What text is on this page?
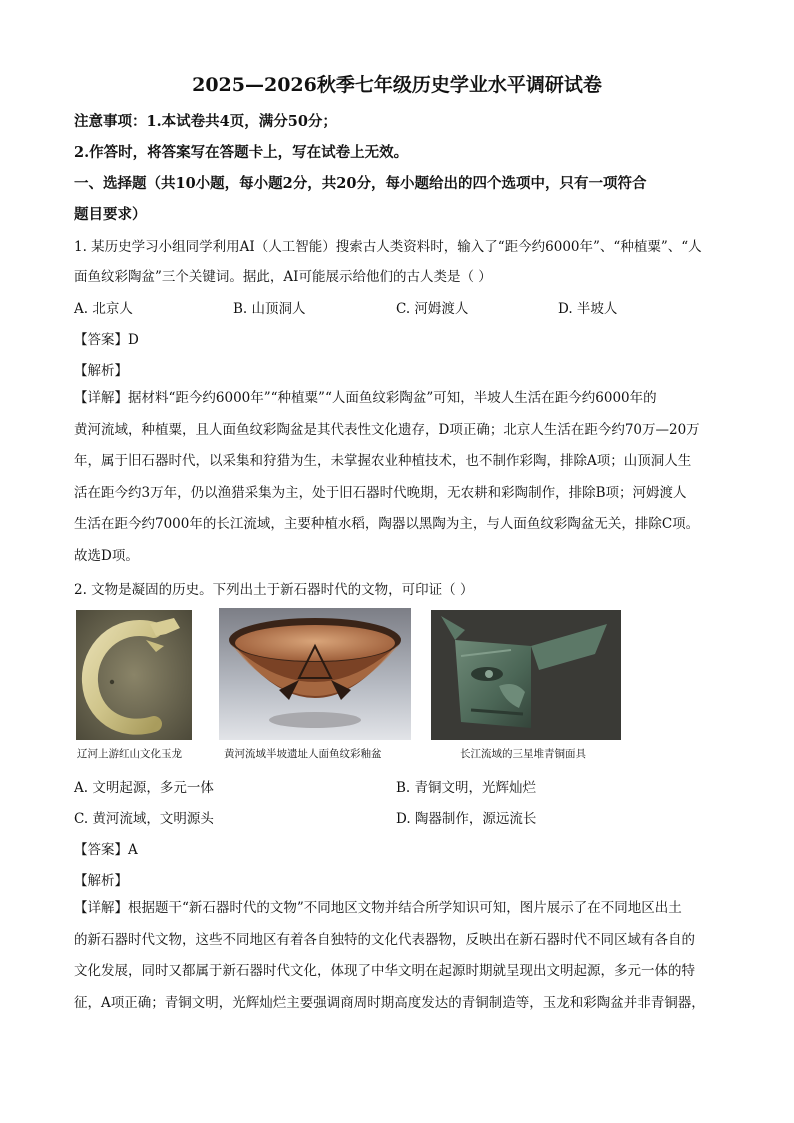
2025—2026秋季七年级历史学业水平调研试卷
注意事项：1.本试卷共4页，满分50分；
2.作答时，将答案写在答题卡上，写在试卷上无效。
一、选择题（共10小题，每小题2分，共20分，每小题给出的四个选项中，只有一项符合
题目要求）
1. 某历史学习小组同学利用AI（人工智能）搜索古人类资料时，输入了“距今约6000年”、“种植粟”、“人
面鱼纹彩陶盆”三个关键词。据此，AI可能展示给他们的古人类是（ ）
A. 北京人	B. 山顶洞人	C. 河姆渡人	D. 半坡人
【答案】D
【解析】
【详解】据材料“距今约6000年”“种植粟”“人面鱼纹彩陶盆”可知，半坡人生活在距今约6000年的
黄河流域，种植粟，且人面鱼纹彩陶盆是其代表性文化遗存，D项正确；北京人生活在距今约70万—20万
年，属于旧石器时代，以采集和狩猎为生，未掌握农业种植技术，也不制作彩陶，排除A项；山顶洞人生
活在距今约3万年，仍以渔猎采集为主，处于旧石器时代晚期，无农耕和彩陶制作，排除B项；河姆渡人
生活在距今约7000年的长江流域，主要种植水稻，陶器以黑陶为主，与人面鱼纹彩陶盆无关，排除C项。
故选D项。
2. 文物是凝固的历史。下列出土于新石器时代的文物，可印证（ ）
辽河上游红山文化玉龙	黄河流域半坡遗址人面鱼纹彩釉盆	长江流域的三星堆青铜面具
A. 文明起源，多元一体	B. 青铜文明，光辉灿烂
C. 黄河流域，文明源头	D. 陶器制作，源远流长
【答案】A
【解析】
【详解】根据题干“新石器时代的文物”不同地区文物并结合所学知识可知，图片展示了在不同地区出土
的新石器时代文物，这些不同地区有着各自独特的文化代表器物，反映出在新石器时代不同区域有各自的
文化发展，同时又都属于新石器时代文化，体现了中华文明在起源时期就呈现出文明起源，多元一体的特
征，A项正确；青铜文明，光辉灿烂主要强调商周时期高度发达的青铜制造等，玉龙和彩陶盆并非青铜器，
